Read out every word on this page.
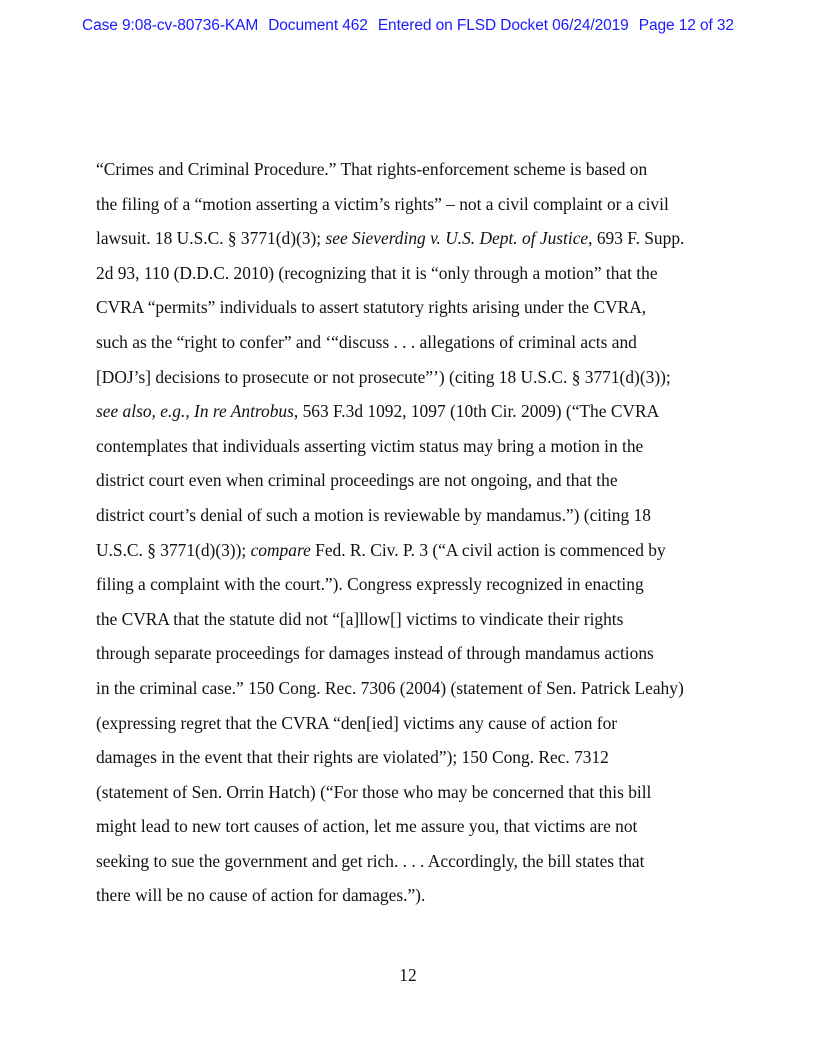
Case 9:08-cv-80736-KAM Document 462 Entered on FLSD Docket 06/24/2019 Page 12 of 32
“Crimes and Criminal Procedure.” That rights-enforcement scheme is based on
the filing of a “motion asserting a victim’s rights” – not a civil complaint or a civil
lawsuit. 18 U.S.C. § 3771(d)(3); see Sieverding v. U.S. Dept. of Justice, 693 F. Supp.
2d 93, 110 (D.D.C. 2010) (recognizing that it is “only through a motion” that the
CVRA “permits” individuals to assert statutory rights arising under the CVRA,
such as the “right to confer” and ‘“discuss . . . allegations of criminal acts and
[DOJ’s] decisions to prosecute or not prosecute”’) (citing 18 U.S.C. § 3771(d)(3));
see also, e.g., In re Antrobus, 563 F.3d 1092, 1097 (10th Cir. 2009) (“The CVRA
contemplates that individuals asserting victim status may bring a motion in the
district court even when criminal proceedings are not ongoing, and that the
district court’s denial of such a motion is reviewable by mandamus.”) (citing 18
U.S.C. § 3771(d)(3)); compare Fed. R. Civ. P. 3 (“A civil action is commenced by
filing a complaint with the court.”). Congress expressly recognized in enacting
the CVRA that the statute did not “[a]llow[] victims to vindicate their rights
through separate proceedings for damages instead of through mandamus actions
in the criminal case.” 150 Cong. Rec. 7306 (2004) (statement of Sen. Patrick Leahy)
(expressing regret that the CVRA “den[ied] victims any cause of action for
damages in the event that their rights are violated”); 150 Cong. Rec. 7312
(statement of Sen. Orrin Hatch) (“For those who may be concerned that this bill
might lead to new tort causes of action, let me assure you, that victims are not
seeking to sue the government and get rich. . . . Accordingly, the bill states that
there will be no cause of action for damages.”).
12
